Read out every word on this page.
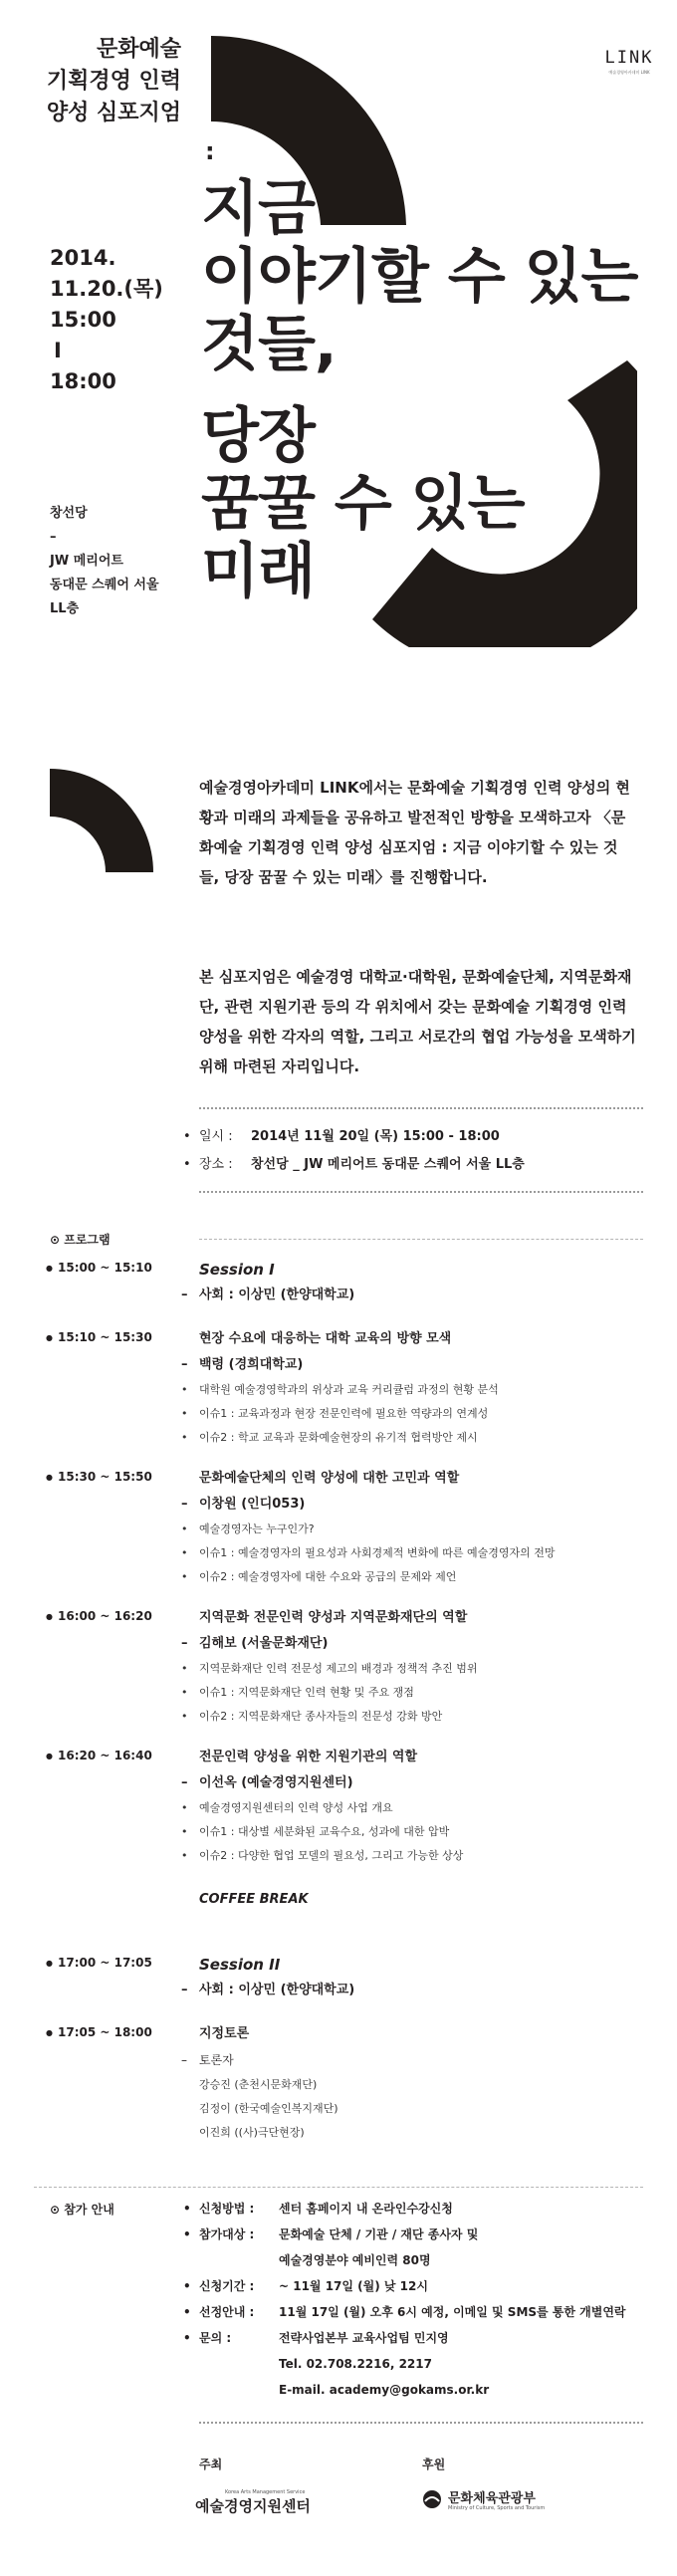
문화예술
기획경영 인력
양성 심포지엄
:
2014.
11.20.(목)
15:00
I
18:00
창선당
–
JW 메리어트
동대문 스퀘어 서울
LL층
지금
이야기할 수 있는
것들,
당장
꿈꿀 수 있는
미래
LINK
예술경영아카데미 LINK
예술경영아카데미 LINK에서는 문화예술 기획경영 인력 양성의 현황과 미래의 과제들을 공유하고 발전적인 방향을 모색하고자 〈문화예술 기획경영 인력 양성 심포지엄 : 지금 이야기할 수 있는 것들, 당장 꿈꿀 수 있는 미래〉를 진행합니다.
본 심포지엄은 예술경영 대학교·대학원, 문화예술단체, 지역문화재단, 관련 지원기관 등의 각 위치에서 갖는 문화예술 기획경영 인력 양성을 위한 각자의 역할, 그리고 서로간의 협업 가능성을 모색하기 위해 마련된 자리입니다.
• 일시 : 2014년 11월 20일 (목) 15:00 - 18:00
• 장소 : 창선당 _ JW 메리어트 동대문 스퀘어 서울 LL층
⊙ 프로그램
● 15:00 ~ 15:10	Session I
– 사회 : 이상민 (한양대학교)
● 15:10 ~ 15:30	현장 수요에 대응하는 대학 교육의 방향 모색
– 백령 (경희대학교)
• 대학원 예술경영학과의 위상과 교육 커리큘럼 과정의 현황 분석
• 이슈1 : 교육과정과 현장 전문인력에 필요한 역량과의 연계성
• 이슈2 : 학교 교육과 문화예술현장의 유기적 협력방안 제시
● 15:30 ~ 15:50	문화예술단체의 인력 양성에 대한 고민과 역할
– 이창원 (인디053)
• 예술경영자는 누구인가?
• 이슈1 : 예술경영자의 필요성과 사회경제적 변화에 따른 예술경영자의 전망
• 이슈2 : 예술경영자에 대한 수요와 공급의 문제와 제언
● 16:00 ~ 16:20	지역문화 전문인력 양성과 지역문화재단의 역할
– 김해보 (서울문화재단)
• 지역문화재단 인력 전문성 제고의 배경과 정책적 추진 범위
• 이슈1 : 지역문화재단 인력 현황 및 주요 쟁점
• 이슈2 : 지역문화재단 종사자들의 전문성 강화 방안
● 16:20 ~ 16:40	전문인력 양성을 위한 지원기관의 역할
– 이선옥 (예술경영지원센터)
• 예술경영지원센터의 인력 양성 사업 개요
• 이슈1 : 대상별 세분화된 교육수요, 성과에 대한 압박
• 이슈2 : 다양한 협업 모델의 필요성, 그리고 가능한 상상
COFFEE BREAK
● 17:00 ~ 17:05	Session II
– 사회 : 이상민 (한양대학교)
● 17:05 ~ 18:00	지정토론
– 토론자
강승진 (춘천시문화재단)
김정이 (한국예술인복지재단)
이진희 ((사)극단현장)
⊙ 참가 안내
•	신청방법 : 센터 홈페이지 내 온라인수강신청
• 참가대상 : 문화예술 단체 / 기관 / 재단 종사자 및
예술경영분야 예비인력 80명
• 신청기간 : ~ 11월 17일 (월) 낮 12시
• 선정안내 : 11월 17일 (월) 오후 6시 예정, 이메일 및 SMS를 통한 개별연락
• 문의 :	전략사업본부 교육사업팀 민지영
Tel. 02.708.2216, 2217
E-mail. academy@gokams.or.kr
주최	후원
Korea Arts Management Service
예술경영지원센터	문화체육관광부
Ministry of Culture, Sports and Tourism
